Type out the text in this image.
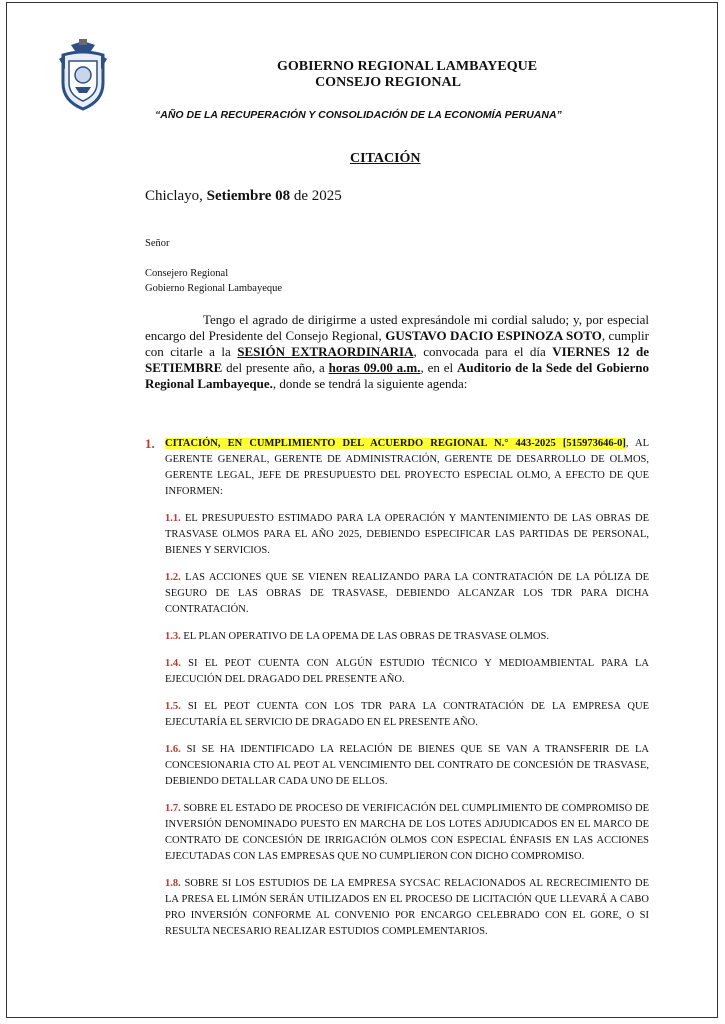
GOBIERNO REGIONAL LAMBAYEQUE
CONSEJO REGIONAL
“AÑO DE LA RECUPERACIÓN Y CONSOLIDACIÓN DE LA ECONOMÍA PERUANA”
CITACIÓN
Chiclayo, Setiembre 08 de 2025
Señor
Consejero Regional
Gobierno Regional Lambayeque
Tengo el agrado de dirigirme a usted expresándole mi cordial saludo; y, por especial encargo del Presidente del Consejo Regional, GUSTAVO DACIO ESPINOZA SOTO, cumplir con citarle a la SESIÓN EXTRAORDINARIA, convocada para el día VIERNES 12 de SETIEMBRE del presente año, a horas 09.00 a.m., en el Auditorio de la Sede del Gobierno Regional Lambayeque., donde se tendrá la siguiente agenda:
1. CITACIÓN, EN CUMPLIMIENTO DEL ACUERDO REGIONAL N.° 443-2025 [515973646-0], AL GERENTE GENERAL, GERENTE DE ADMINISTRACIÓN, GERENTE DE DESARROLLO DE OLMOS, GERENTE LEGAL, JEFE DE PRESUPUESTO DEL PROYECTO ESPECIAL OLMO, A EFECTO DE QUE INFORMEN:
1.1. EL PRESUPUESTO ESTIMADO PARA LA OPERACIÓN Y MANTENIMIENTO DE LAS OBRAS DE TRASVASE OLMOS PARA EL AÑO 2025, DEBIENDO ESPECIFICAR LAS PARTIDAS DE PERSONAL, BIENES Y SERVICIOS.
1.2. LAS ACCIONES QUE SE VIENEN REALIZANDO PARA LA CONTRATACIÓN DE LA PÓLIZA DE SEGURO DE LAS OBRAS DE TRASVASE, DEBIENDO ALCANZAR LOS TDR PARA DICHA CONTRATACIÓN.
1.3. EL PLAN OPERATIVO DE LA OPEMA DE LAS OBRAS DE TRASVASE OLMOS.
1.4. SI EL PEOT CUENTA CON ALGÚN ESTUDIO TÉCNICO Y MEDIOAMBIENTAL PARA LA EJECUCIÓN DEL DRAGADO DEL PRESENTE AÑO.
1.5. SI EL PEOT CUENTA CON LOS TDR PARA LA CONTRATACIÓN DE LA EMPRESA QUE EJECUTARÍA EL SERVICIO DE DRAGADO EN EL PRESENTE AÑO.
1.6. SI SE HA IDENTIFICADO LA RELACIÓN DE BIENES QUE SE VAN A TRANSFERIR DE LA CONCESIONARIA CTO AL PEOT AL VENCIMIENTO DEL CONTRATO DE CONCESIÓN DE TRASVASE, DEBIENDO DETALLAR CADA UNO DE ELLOS.
1.7. SOBRE EL ESTADO DE PROCESO DE VERIFICACIÓN DEL CUMPLIMIENTO DE COMPROMISO DE INVERSIÓN DENOMINADO PUESTO EN MARCHA DE LOS LOTES ADJUDICADOS EN EL MARCO DE CONTRATO DE CONCESIÓN DE IRRIGACIÓN OLMOS CON ESPECIAL ÉNFASIS EN LAS ACCIONES EJECUTADAS CON LAS EMPRESAS QUE NO CUMPLIERON CON DICHO COMPROMISO.
1.8. SOBRE SI LOS ESTUDIOS DE LA EMPRESA SYCSAC RELACIONADOS AL RECRECIMIENTO DE LA PRESA EL LIMÓN SERÁN UTILIZADOS EN EL PROCESO DE LICITACIÓN QUE LLEVARÁ A CABO PRO INVERSIÓN CONFORME AL CONVENIO POR ENCARGO CELEBRADO CON EL GORE, O SI RESULTA NECESARIO REALIZAR ESTUDIOS COMPLEMENTARIOS.
